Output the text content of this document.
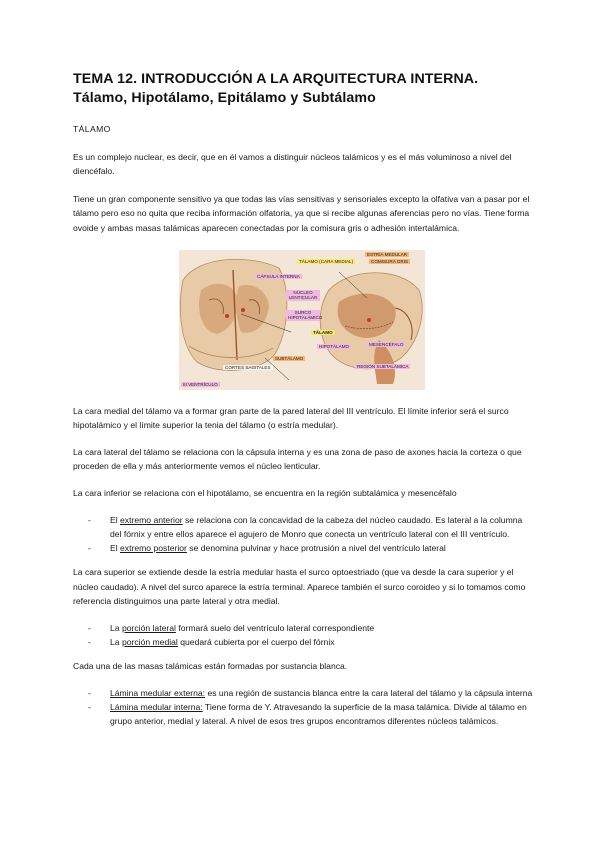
TEMA 12. INTRODUCCIÓN A LA ARQUITECTURA INTERNA.
Tálamo, Hipotálamo, Epitálamo y Subtálamo

TÁLAMO

Es un complejo nuclear, es decir, que en él vamos a distinguir núcleos talámicos y es el más voluminoso a nivel del diencéfalo.

Tiene un gran componente sensitivo ya que todas las vías sensitivas y sensoriales excepto la olfativa van a pasar por el tálamo pero eso no quita que reciba información olfatoria, ya que si recibe algunas aferencias pero no vías. Tiene forma ovoide y ambas masas talámicas aparecen conectadas por la comisura gris o adhesión intertalámica.

TÁLAMO (CARA MEDIAL)
ESTRÍA MEDULAR
COMISURA GRIS
CÁPSULA INTERNA
NÚCLEO LENTICULAR
SURCO HIPOTALÁMICO
TÁLAMO
HIPOTÁLAMO	MESENCÉFALO
SUBTÁLAMO
CORTES SAGITALES	REGIÓN SUBTALÁMICA
III VENTRÍCULO

La cara medial del tálamo va a formar gran parte de la pared lateral del III ventrículo. El límite inferior será el surco hipotalámico y el límite superior la tenia del tálamo (o estría medular).

La cara lateral del tálamo se relaciona con la cápsula interna y es una zona de paso de axones hacia la corteza o que proceden de ella y más anteriormente vemos el núcleo lenticular.

La cara inferior se relaciona con el hipotálamo, se encuentra en la región subtalámica y mesencéfalo

- El extremo anterior se relaciona con la concavidad de la cabeza del núcleo caudado. Es lateral a la columna del fórnix y entre ellos aparece el agujero de Monro que conecta un ventrículo lateral con el III ventrículo.
- El extremo posterior se denomina pulvinar y hace protrusión a nivel del ventrículo lateral

La cara superior se extiende desde la estría medular hasta el surco optoestriado (que va desde la cara superior y el núcleo caudado). A nivel del surco aparece la estría terminal. Aparece también el surco coroideo y si lo tomamos como referencia distinguimos una parte lateral y otra medial.

- La porción lateral formará suelo del ventrículo lateral correspondiente
- La porción medial quedará cubierta por el cuerpo del fórnix

Cada una de las masas talámicas están formadas por sustancia blanca.

- Lámina medular externa: es una región de sustancia blanca entre la cara lateral del tálamo y la cápsula interna
- Lámina medular interna: Tiene forma de Y. Atravesando la superficie de la masa talámica. Divide al tálamo en grupo anterior, medial y lateral. A nivel de esos tres grupos encontramos diferentes núcleos talámicos.
